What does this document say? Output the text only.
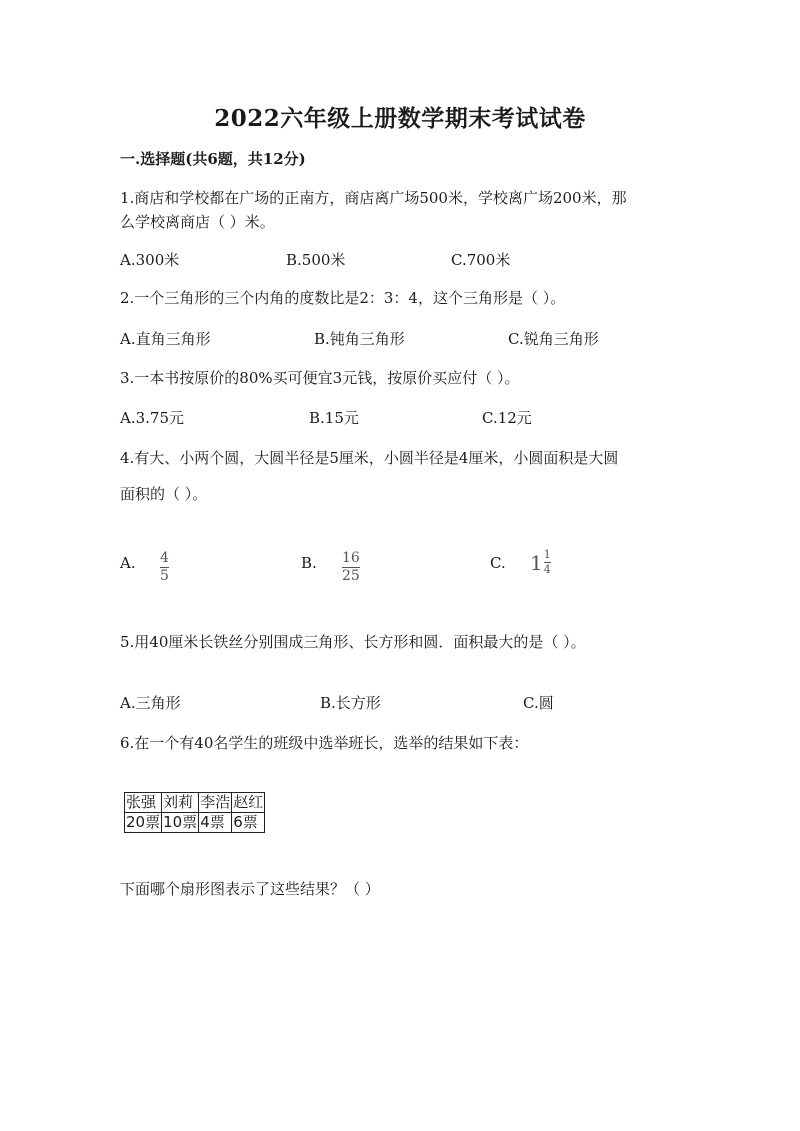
2022六年级上册数学期末考试试卷
一.选择题(共6题，共12分)
1.商店和学校都在广场的正南方，商店离广场500米，学校离广场200米，那
么学校离商店（ ）米。
A.300米	B.500米	C.700米
2.一个三角形的三个内角的度数比是2：3：4，这个三角形是（ ）。
A.直角三角形	B.钝角三角形	C.锐角三角形
3.一本书按原价的80%买可便宜3元钱，按原价买应付（ ）。
A.3.75元	B.15元	C.12元
4.有大、小两个圆，大圆半径是5厘米，小圆半径是4厘米，小圆面积是大圆
面积的（ ）。
A. $\frac{4}{5}$	B. $\frac{16}{25}$	C. $1 \frac{1}{4}$
5.用40厘米长铁丝分别围成三角形、长方形和圆．面积最大的是（ ）。
A.三角形	B.长方形	C.圆
6.在一个有40名学生的班级中选举班长，选举的结果如下表：
张强	刘莉	李浩	赵红
20票	10票	4票	6票
下面哪个扇形图表示了这些结果？（ ）
